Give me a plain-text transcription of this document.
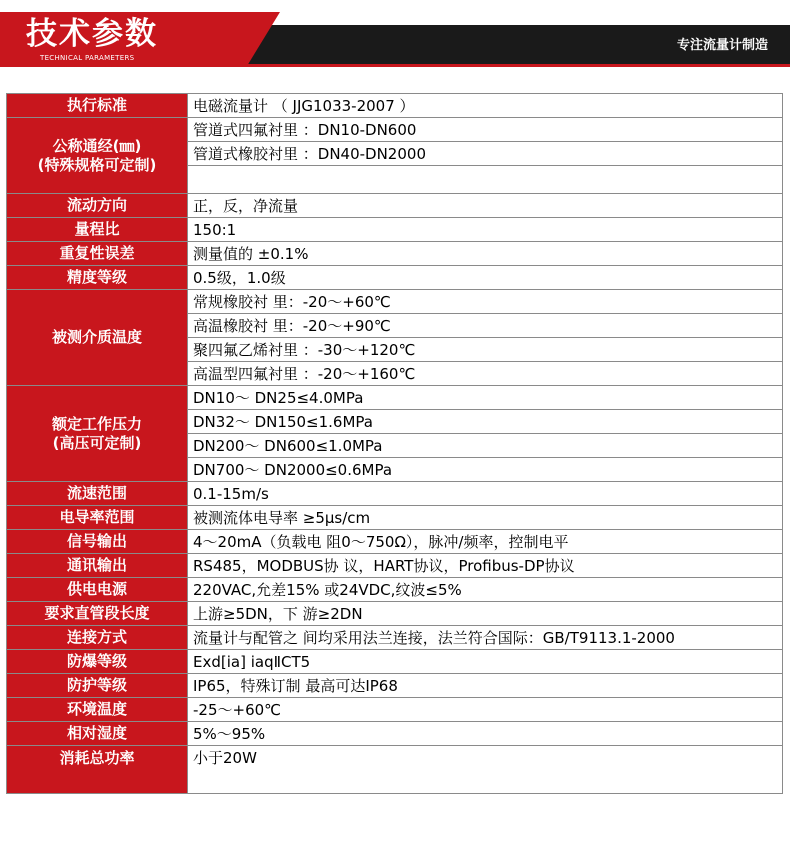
技术参数
TECHNICAL PARAMETERS
专注流量计制造
执行标准	电磁流量计 （ JJG1033-2007 ）

公称通经(㎜)
(特殊规格可定制)	管道式四氟衬里 ：DN10-DN600
	管道式橡胶衬里 ：DN40-DN2000

流动方向	正，反，净流量
量程比	150:1
重复性误差	测量值的 ±0.1%
精度等级	0.5级，1.0级
被测介质温度	常规橡胶衬 里：-20～+60℃
	高温橡胶衬 里：-20～+90℃
	聚四氟乙烯衬里 ：-30～+120℃
	高温型四氟衬里 ：-20～+160℃

额定工作压力
(高压可定制)	DN10～ DN25≤4.0MPa
	DN32～ DN150≤1.6MPa
	DN200～ DN600≤1.0MPa
	DN700～ DN2000≤0.6MPa
流速范围	0.1-15m/s
电导率范围	被测流体电导率 ≥5μs/cm
信号输出	4～20mA（负载电 阻0～750Ω），脉冲/频率，控制电平
通讯输出	RS485，MODBUS协 议，HART协议，Profibus-DP协议
供电电源	220VAC,允差15% 或24VDC,纹波≤5%
要求直管段长度	上游≥5DN，下 游≥2DN
连接方式	流量计与配管之 间均采用法兰连接，法兰符合国际：GB/T9113.1-2000
防爆等级	Exd[ia] iaqⅡCT5
防护等级	IP65，特殊订制 最高可达IP68
环境温度	-25～+60℃
相对湿度	5%～95%
消耗总功率	小于20W
